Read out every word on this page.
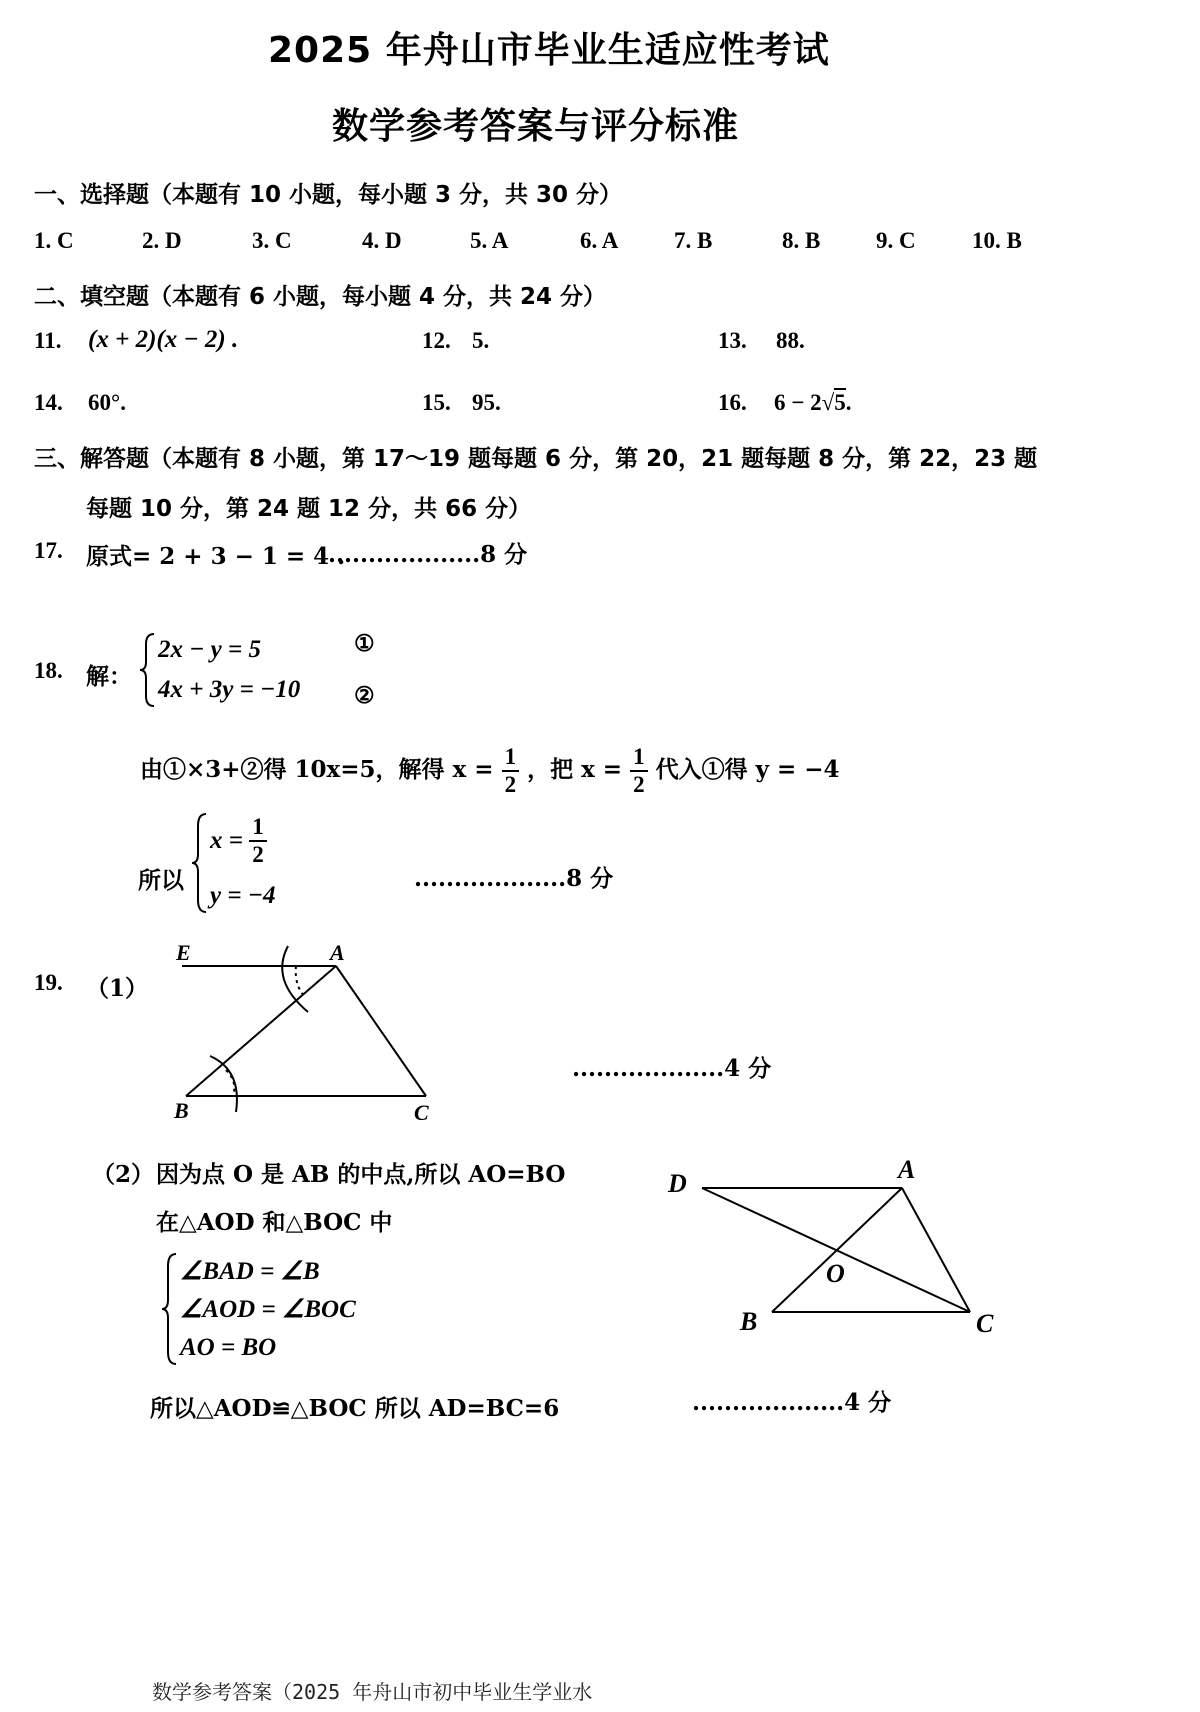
2025 年舟山市毕业生适应性考试
数学参考答案与评分标准
一、选择题（本题有 10 小题，每小题 3 分，共 30 分）
1. C	2. D	3. C	4. D	5. A	6. A 7. B	8. B 9. C 10. B
二、填空题（本题有 6 小题，每小题 4 分，共 24 分）
11. (x + 2)(x − 2) .	12. 5.	13. 88.
14. 60°.	15. 95.	16. 6 − 2√5.
三、解答题（本题有 8 小题，第 17～19 题每题 6 分，第 20，21 题每题 8 分，第 22，23 题
每题 10 分，第 24 题 12 分，共 66 分）
17. 原式= 2 + 3 − 1 = 4 .
...................8 分
18. 解：
2x − y = 5
4x + 3y = −10
①
②
由①×3+②得 10x=5，解得 $x = \frac{1}{2}$ ，把 $x = \frac{1}{2}$ 代入①得 y = −4
所以
$x = \frac{1}{2}$
y = −4
...................8 分
19. （1）
E	A
B	C
...................4 分
（2） 因为点 O 是 AB 的中点,所以 AO=BO
在△AOD 和△BOC 中
∠BAD = ∠B
∠AOD = ∠BOC
AO = BO
所以△AOD≌△BOC 所以 AD=BC=6
D	A
O
B	C
...................4 分
数学参考答案（2025 年舟山市初中毕业生学业水
